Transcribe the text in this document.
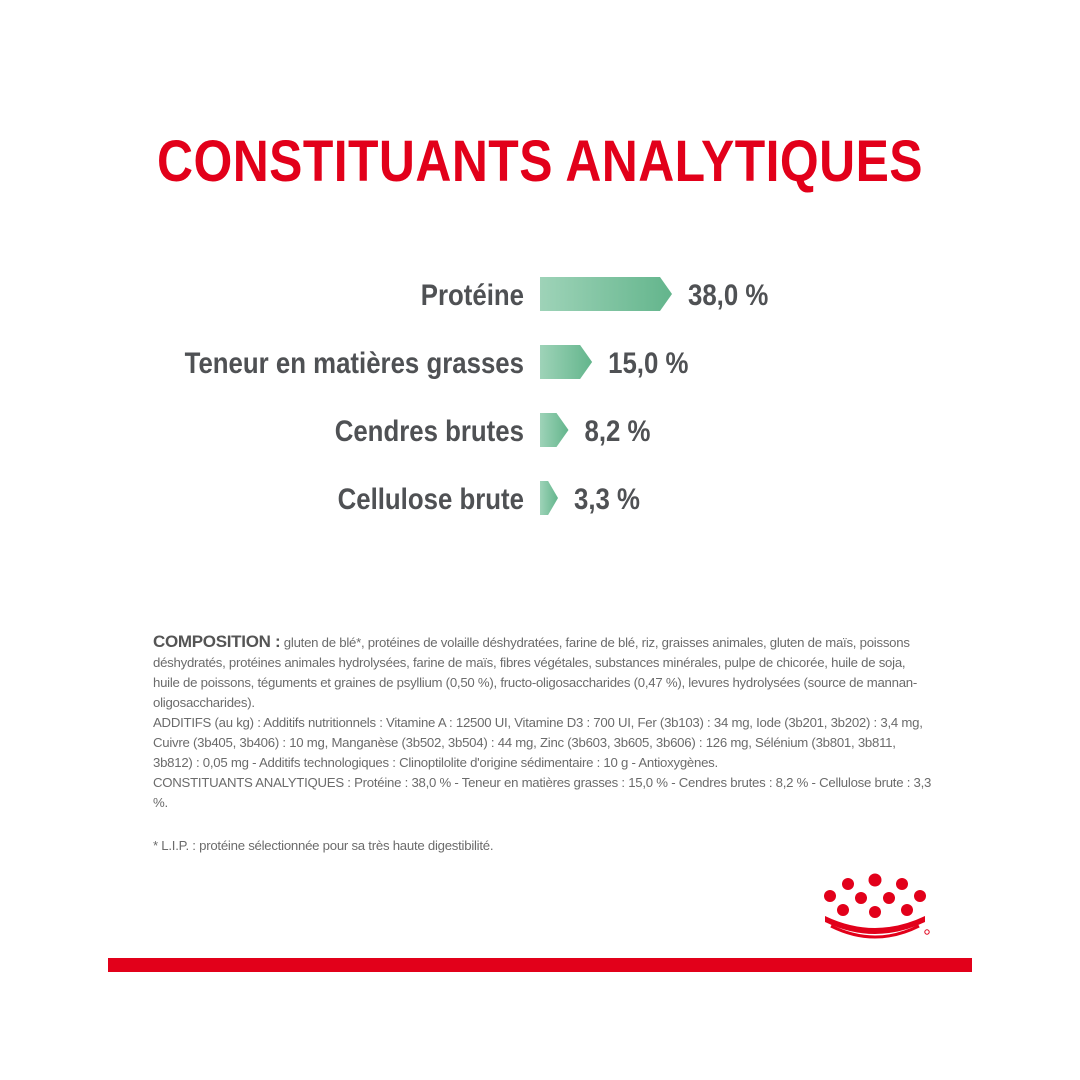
CONSTITUANTS ANALYTIQUES
Protéine	38,0 %
Teneur en matières grasses	15,0 %
Cendres brutes 8,2 %
Cellulose brute 3,3 %

COMPOSITION : gluten de blé*, protéines de volaille déshydratées, farine de blé, riz, graisses animales, gluten de maïs, poissons déshydratés, protéines animales hydrolysées, farine de maïs, fibres végétales, substances minérales, pulpe de chicorée, huile de soja, huile de poissons, téguments et graines de psyllium (0,50 %), fructo-oligosaccharides (0,47 %), levures hydrolysées (source de mannan-oligosaccharides).

ADDITIFS (au kg) : Additifs nutritionnels : Vitamine A : 12500 UI, Vitamine D3 : 700 UI, Fer (3b103) : 34 mg, Iode (3b201, 3b202) : 3,4 mg, Cuivre (3b405, 3b406) : 10 mg, Manganèse (3b502, 3b504) : 44 mg, Zinc (3b603, 3b605, 3b606) : 126 mg, Sélénium (3b801, 3b811, 3b812) : 0,05 mg - Additifs technologiques : Clinoptilolite d'origine sédimentaire : 10 g - Antioxygènes.

CONSTITUANTS ANALYTIQUES : Protéine : 38,0 % - Teneur en matières grasses : 15,0 % - Cendres brutes : 8,2 % - Cellulose brute : 3,3 %.

* L.I.P. : protéine sélectionnée pour sa très haute digestibilité.
